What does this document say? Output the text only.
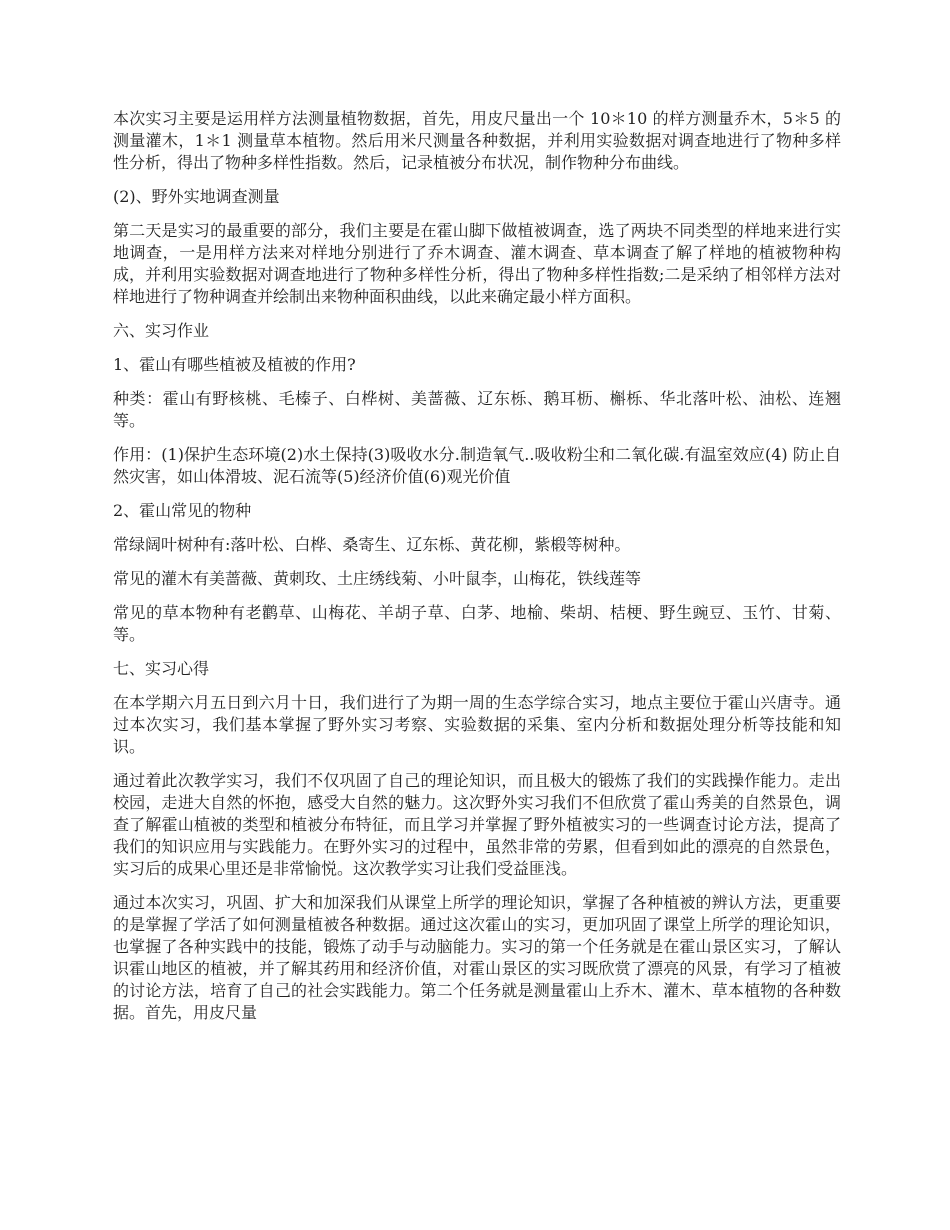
本次实习主要是运用样方法测量植物数据，首先，用皮尺量出一个 10＊10 的样方测量乔木，5＊5 的测量灌木，1＊1 测量草本植物。然后用米尺测量各种数据，并利用实验数据对调查地进行了物种多样性分析，得出了物种多样性指数。然后，记录植被分布状况，制作物种分布曲线。

(2)、野外实地调查测量

第二天是实习的最重要的部分，我们主要是在霍山脚下做植被调查，选了两块不同类型的样地来进行实地调查，一是用样方法来对样地分别进行了乔木调查、灌木调查、草本调查了解了样地的植被物种构成，并利用实验数据对调查地进行了物种多样性分析，得出了物种多样性指数;二是采纳了相邻样方法对样地进行了物种调查并绘制出来物种面积曲线，以此来确定最小样方面积。

六、实习作业

1、霍山有哪些植被及植被的作用?

种类：霍山有野核桃、毛榛子、白桦树、美蔷薇、辽东栎、鹅耳枥、槲栎、华北落叶松、油松、连翘等。

作用：(1)保护生态环境(2)水土保持(3)吸收水分.制造氧气..吸收粉尘和二氧化碳.有温室效应(4) 防止自然灾害，如山体滑坡、泥石流等(5)经济价值(6)观光价值

2、霍山常见的物种

常绿阔叶树种有:落叶松、白桦、桑寄生、辽东栎、黄花柳，紫椴等树种。

常见的灌木有美蔷薇、黄刺玫、土庄绣线菊、小叶鼠李，山梅花，铁线莲等

常见的草本物种有老鹳草、山梅花、羊胡子草、白茅、地榆、柴胡、桔梗、野生豌豆、玉竹、甘菊、等。

七、实习心得

在本学期六月五日到六月十日，我们进行了为期一周的生态学综合实习，地点主要位于霍山兴唐寺。通过本次实习，我们基本掌握了野外实习考察、实验数据的采集、室内分析和数据处理分析等技能和知识。

通过着此次教学实习，我们不仅巩固了自己的理论知识，而且极大的锻炼了我们的实践操作能力。走出校园，走进大自然的怀抱，感受大自然的魅力。这次野外实习我们不但欣赏了霍山秀美的自然景色，调查了解霍山植被的类型和植被分布特征，而且学习并掌握了野外植被实习的一些调查讨论方法，提高了我们的知识应用与实践能力。在野外实习的过程中，虽然非常的劳累，但看到如此的漂亮的自然景色，实习后的成果心里还是非常愉悦。这次教学实习让我们受益匪浅。

通过本次实习，巩固、扩大和加深我们从课堂上所学的理论知识，掌握了各种植被的辨认方法，更重要的是掌握了学活了如何测量植被各种数据。通过这次霍山的实习，更加巩固了课堂上所学的理论知识，也掌握了各种实践中的技能，锻炼了动手与动脑能力。实习的第一个任务就是在霍山景区实习，了解认识霍山地区的植被，并了解其药用和经济价值，对霍山景区的实习既欣赏了漂亮的风景，有学习了植被的讨论方法，培育了自己的社会实践能力。第二个任务就是测量霍山上乔木、灌木、草本植物的各种数据。首先，用皮尺量
